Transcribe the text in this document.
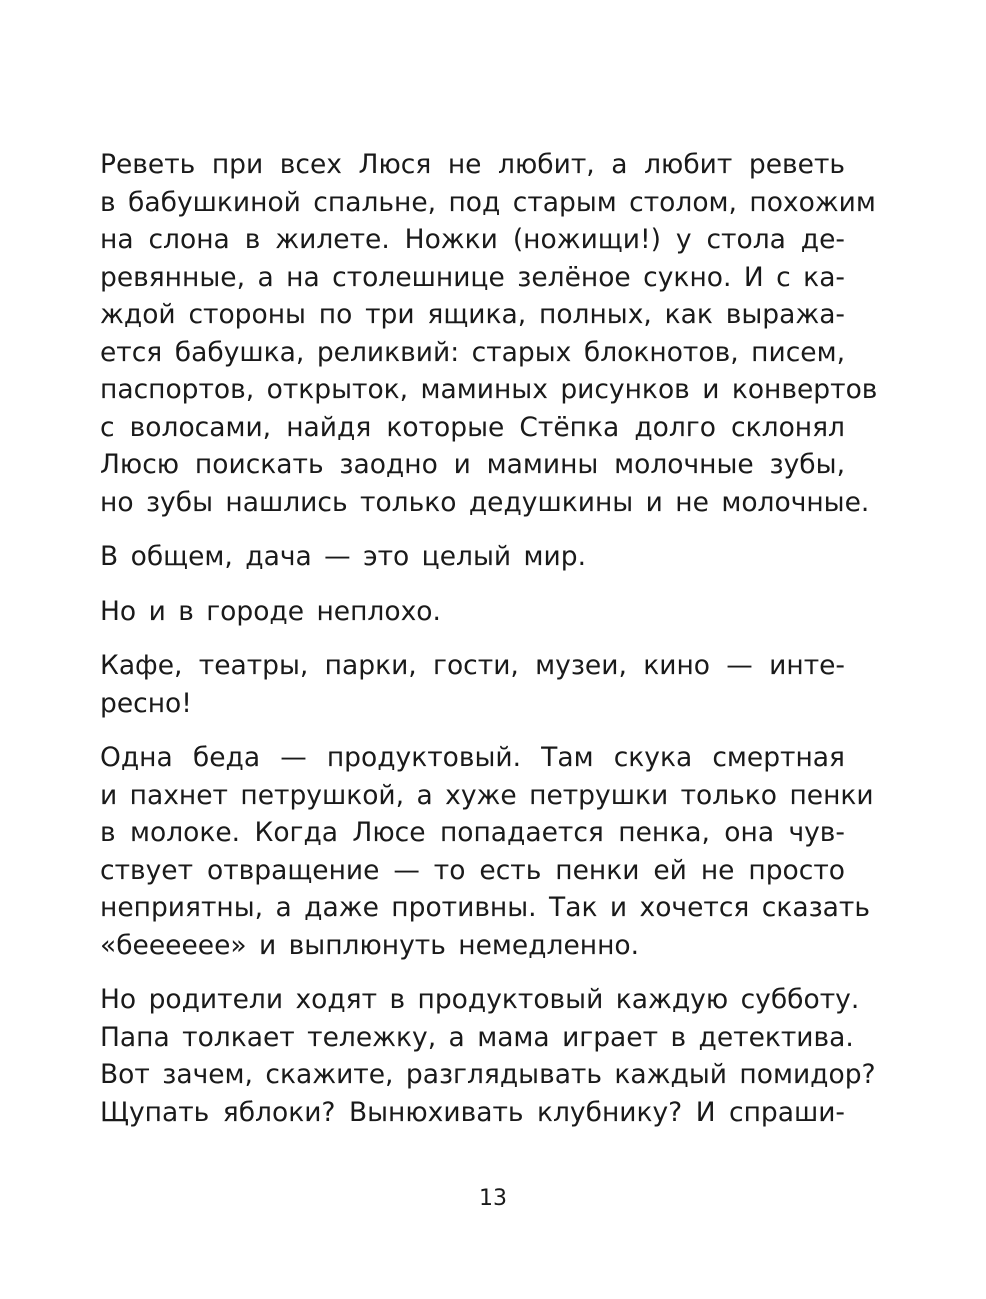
Реветь при всех Люся не любит, а любит реветь
в бабушкиной спальне, под старым столом, похожим
на слона в жилете. Ножки (ножищи!) у стола де-
ревянные, а на столешнице зелёное сукно. И с ка-
ждой стороны по три ящика, полных, как выража-
ется бабушка, реликвий: старых блокнотов, писем,
паспортов, открыток, маминых рисунков и конвертов
с волосами, найдя которые Стёпка долго склонял
Люсю поискать заодно и мамины молочные зубы,
но зубы нашлись только дедушкины и не молочные.
В общем, дача — это целый мир.
Но и в городе неплохо.
Кафе, театры, парки, гости, музеи, кино — инте-
ресно!
Одна беда — продуктовый. Там скука смертная
и пахнет петрушкой, а хуже петрушки только пенки
в молоке. Когда Люсе попадается пенка, она чув-
ствует отвращение — то есть пенки ей не просто
неприятны, а даже противны. Так и хочется сказать
«бееееее» и выплюнуть немедленно.
Но родители ходят в продуктовый каждую субботу.
Папа толкает тележку, а мама играет в детектива.
Вот зачем, скажите, разглядывать каждый помидор?
Щупать яблоки? Вынюхивать клубнику? И спраши-
13
